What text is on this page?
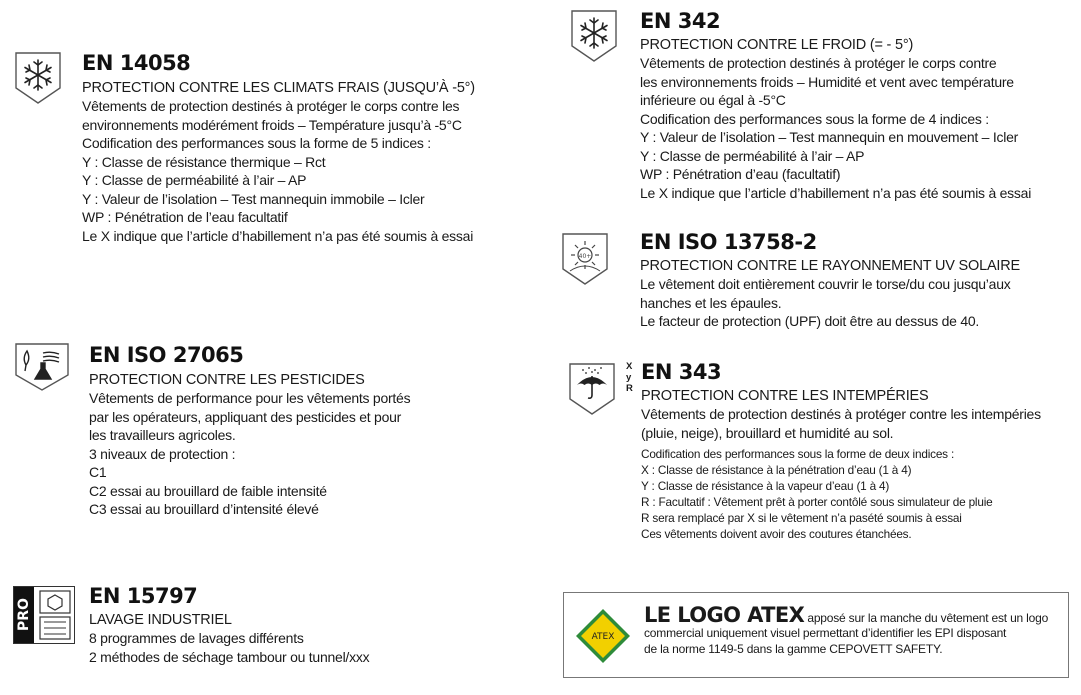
EN 14058
PROTECTION CONTRE LES CLIMATS FRAIS (JUSQU’À -5°)
Vêtements de protection destinés à protéger le corps contre les
environnements modérément froids – Température jusqu’à -5°C
Codification des performances sous la forme de 5 indices :
Y : Classe de résistance thermique – Rct
Y : Classe de perméabilité à l’air – AP
Y : Valeur de l’isolation – Test mannequin immobile – Icler
WP : Pénétration de l’eau facultatif
Le X indique que l’article d’habillement n’a pas été soumis à essai
EN 342
PROTECTION CONTRE LE FROID (= - 5°)
Vêtements de protection destinés à protéger le corps contre
les environnements froids – Humidité et vent avec température
inférieure ou égal à -5°C
Codification des performances sous la forme de 4 indices :
Y : Valeur de l’isolation – Test mannequin en mouvement – Icler
Y : Classe de perméabilité à l’air – AP
WP : Pénétration d’eau (facultatif)
Le X indique que l’article d’habillement n’a pas été soumis à essai
40+
EN ISO 13758-2
PROTECTION CONTRE LE RAYONNEMENT UV SOLAIRE
Le vêtement doit entièrement couvrir le torse/du cou jusqu’aux
hanches et les épaules.
Le facteur de protection (UPF) doit être au dessus de 40.
EN ISO 27065
PROTECTION CONTRE LES PESTICIDES
Vêtements de performance pour les vêtements portés
par les opérateurs, appliquant des pesticides et pour
les travailleurs agricoles.
3 niveaux de protection :
C1
C2 essai au brouillard de faible intensité
C3 essai au brouillard d’intensité élevé
X
y
R
EN 343
PROTECTION CONTRE LES INTEMPÉRIES
Vêtements de protection destinés à protéger contre les intempéries
(pluie, neige), brouillard et humidité au sol.
Codification des performances sous la forme de deux indices :
X : Classe de résistance à la pénétration d’eau (1 à 4)
Y : Classe de résistance à la vapeur d’eau (1 à 4)
R : Facultatif : Vêtement prêt à porter contôlé sous simulateur de pluie
R sera remplacé par X si le vêtement n’a pasété soumis à essai
Ces vêtements doivent avoir des coutures étanchées.
PRO
EN 15797
LAVAGE INDUSTRIEL
8 programmes de lavages différents
2 méthodes de séchage tambour ou tunnel/xxx
ATEX
LE LOGO ATEX apposé sur la manche du vêtement est un logo
commercial uniquement visuel permettant d’identifier les EPI disposant
de la norme 1149-5 dans la gamme CEPOVETT SAFETY.
